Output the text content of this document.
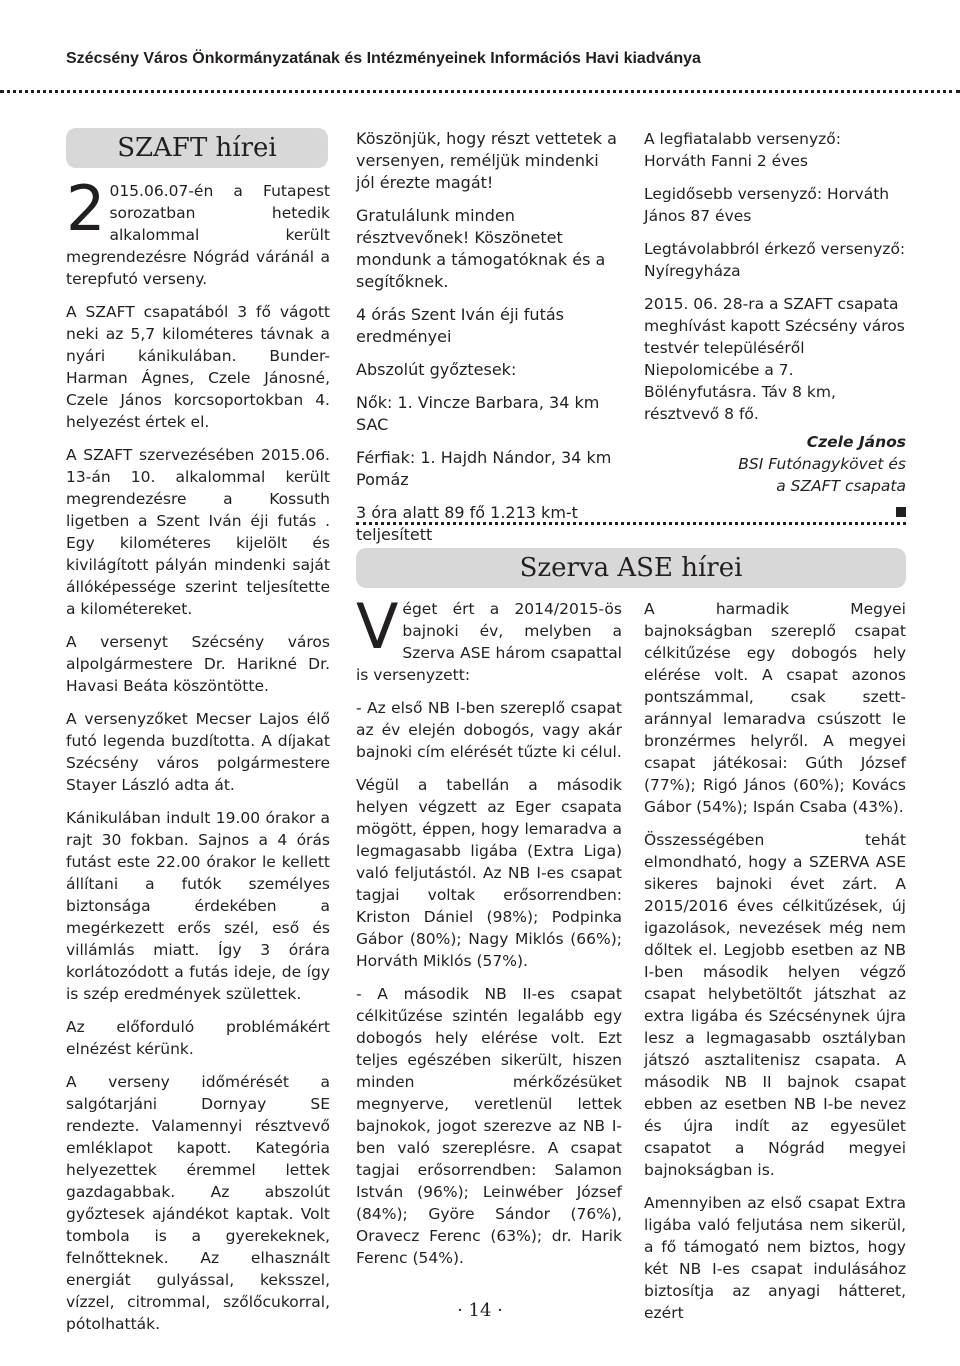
Szécsény Város Önkormányzatának és Intézményeinek Információs Havi kiadványa
SZAFT hírei

2 015.06.07-én a Futapest sorozatban hetedik alkalommal került megrendezésre Nógrád váránál a terepfutó verseny.

A SZAFT csapatából 3 fő vágott neki az 5,7 kilométeres távnak a nyári kánikulában. Bunder-Harman Ágnes, Czele Jánosné, Czele János korcsoportokban 4. helyezést értek el.

A SZAFT szervezésében 2015.06. 13-án 10. alkalommal került megrendezésre a Kossuth ligetben a Szent Iván éji futás . Egy kilométeres kijelölt és kivilágított pályán mindenki saját állóképessége szerint teljesítette a kilométereket.

A versenyt Szécsény város alpolgármestere Dr. Harikné Dr. Havasi Beáta köszöntötte.

A versenyzőket Mecser Lajos élő futó legenda buzdította. A díjakat Szécsény város polgármestere Stayer László adta át.

Kánikulában indult 19.00 órakor a rajt 30 fokban. Sajnos a 4 órás futást este 22.00 órakor le kellett állítani a futók személyes biztonsága érdekében a megérkezett erős szél, eső és villámlás miatt. Így 3 órára korlátozódott a futás ideje, de így is szép eredmények születtek.

Az előforduló problémákért elnézést kérünk.

A verseny időmérését a salgótarjáni Dornyay SE rendezte. Valamennyi résztvevő emléklapot kapott. Kategória helyezettek éremmel lettek gazdagabbak. Az abszolút győztesek ajándékot kaptak. Volt tombola is a gyerekeknek, felnőtteknek. Az elhasznált energiát gulyással, keksszel, vízzel, citrommal, szőlőcukorral, pótolhatták.

Köszönjük, hogy részt vettetek a versenyen, reméljük mindenki jól érezte magát!

Gratulálunk minden résztvevőnek! Köszönetet mondunk a támogatóknak és a segítőknek.

4 órás Szent Iván éji futás eredményei

Abszolút győztesek:

Nők: 1. Vincze Barbara, 34 km SAC

Férfiak: 1. Hajdh Nándor, 34 km Pomáz

3 óra alatt 89 fő 1.213 km-t teljesített

A legfiatalabb versenyző: Horváth Fanni 2 éves

Legidősebb versenyző: Horváth János 87 éves

Legtávolabbról érkező versenyző: Nyíregyháza

2015. 06. 28-ra a SZAFT csapata meghívást kapott Szécsény város testvér településéről Niepolomicébe a 7. Bölényfutásra. Táv 8 km, résztvevő 8 fő.

Czele János
BSI Futónagykövet és
a SZAFT csapata
Szerva ASE hírei

Véget ért a 2014/2015-ös bajnoki év, melyben a Szerva ASE három csapattal is versenyzett:

- Az első NB I-ben szereplő csapat az év elején dobogós, vagy akár bajnoki cím elérését tűzte ki célul.

Végül a tabellán a második helyen végzett az Eger csapata mögött, éppen, hogy lemaradva a legmagasabb ligába (Extra Liga) való feljutástól. Az NB I-es csapat tagjai voltak erősorrendben: Kriston Dániel (98%); Podpinka Gábor (80%); Nagy Miklós (66%); Horváth Miklós (57%).

- A második NB II-es csapat célkitűzése szintén legalább egy dobogós hely elérése volt. Ezt teljes egészében sikerült, hiszen minden mérkőzésüket megnyerve, veretlenül lettek bajnokok, jogot szerezve az NB I-ben való szereplésre. A csapat tagjai erősorrendben: Salamon István (96%); Leinwéber József (84%); Györe Sándor (76%), Oravecz Ferenc (63%); dr. Harik Ferenc (54%).

A harmadik Megyei bajnokságban szereplő csapat célkitűzése egy dobogós hely elérése volt. A csapat azonos pontszámmal, csak szett-aránnyal lemaradva csúszott le bronzérmes helyről. A megyei csapat játékosai: Gúth József (77%); Rigó János (60%); Kovács Gábor (54%); Ispán Csaba (43%).

Összességében tehát elmondható, hogy a SZERVA ASE sikeres bajnoki évet zárt. A 2015/2016 éves célkitűzések, új igazolások, nevezések még nem dőltek el. Legjobb esetben az NB I-ben második helyen végző csapat helybetöltőt játszhat az extra ligába és Szécsénynek újra lesz a legmagasabb osztályban játszó asztalitenisz csapata. A második NB II bajnok csapat ebben az esetben NB I-be nevez és újra indít az egyesület csapatot a Nógrád megyei bajnokságban is.

Amennyiben az első csapat Extra ligába való feljutása nem sikerül, a fő támogató nem biztos, hogy két NB I-es csapat indulásához biztosítja az anyagi hátteret, ezért

· 14 ·
